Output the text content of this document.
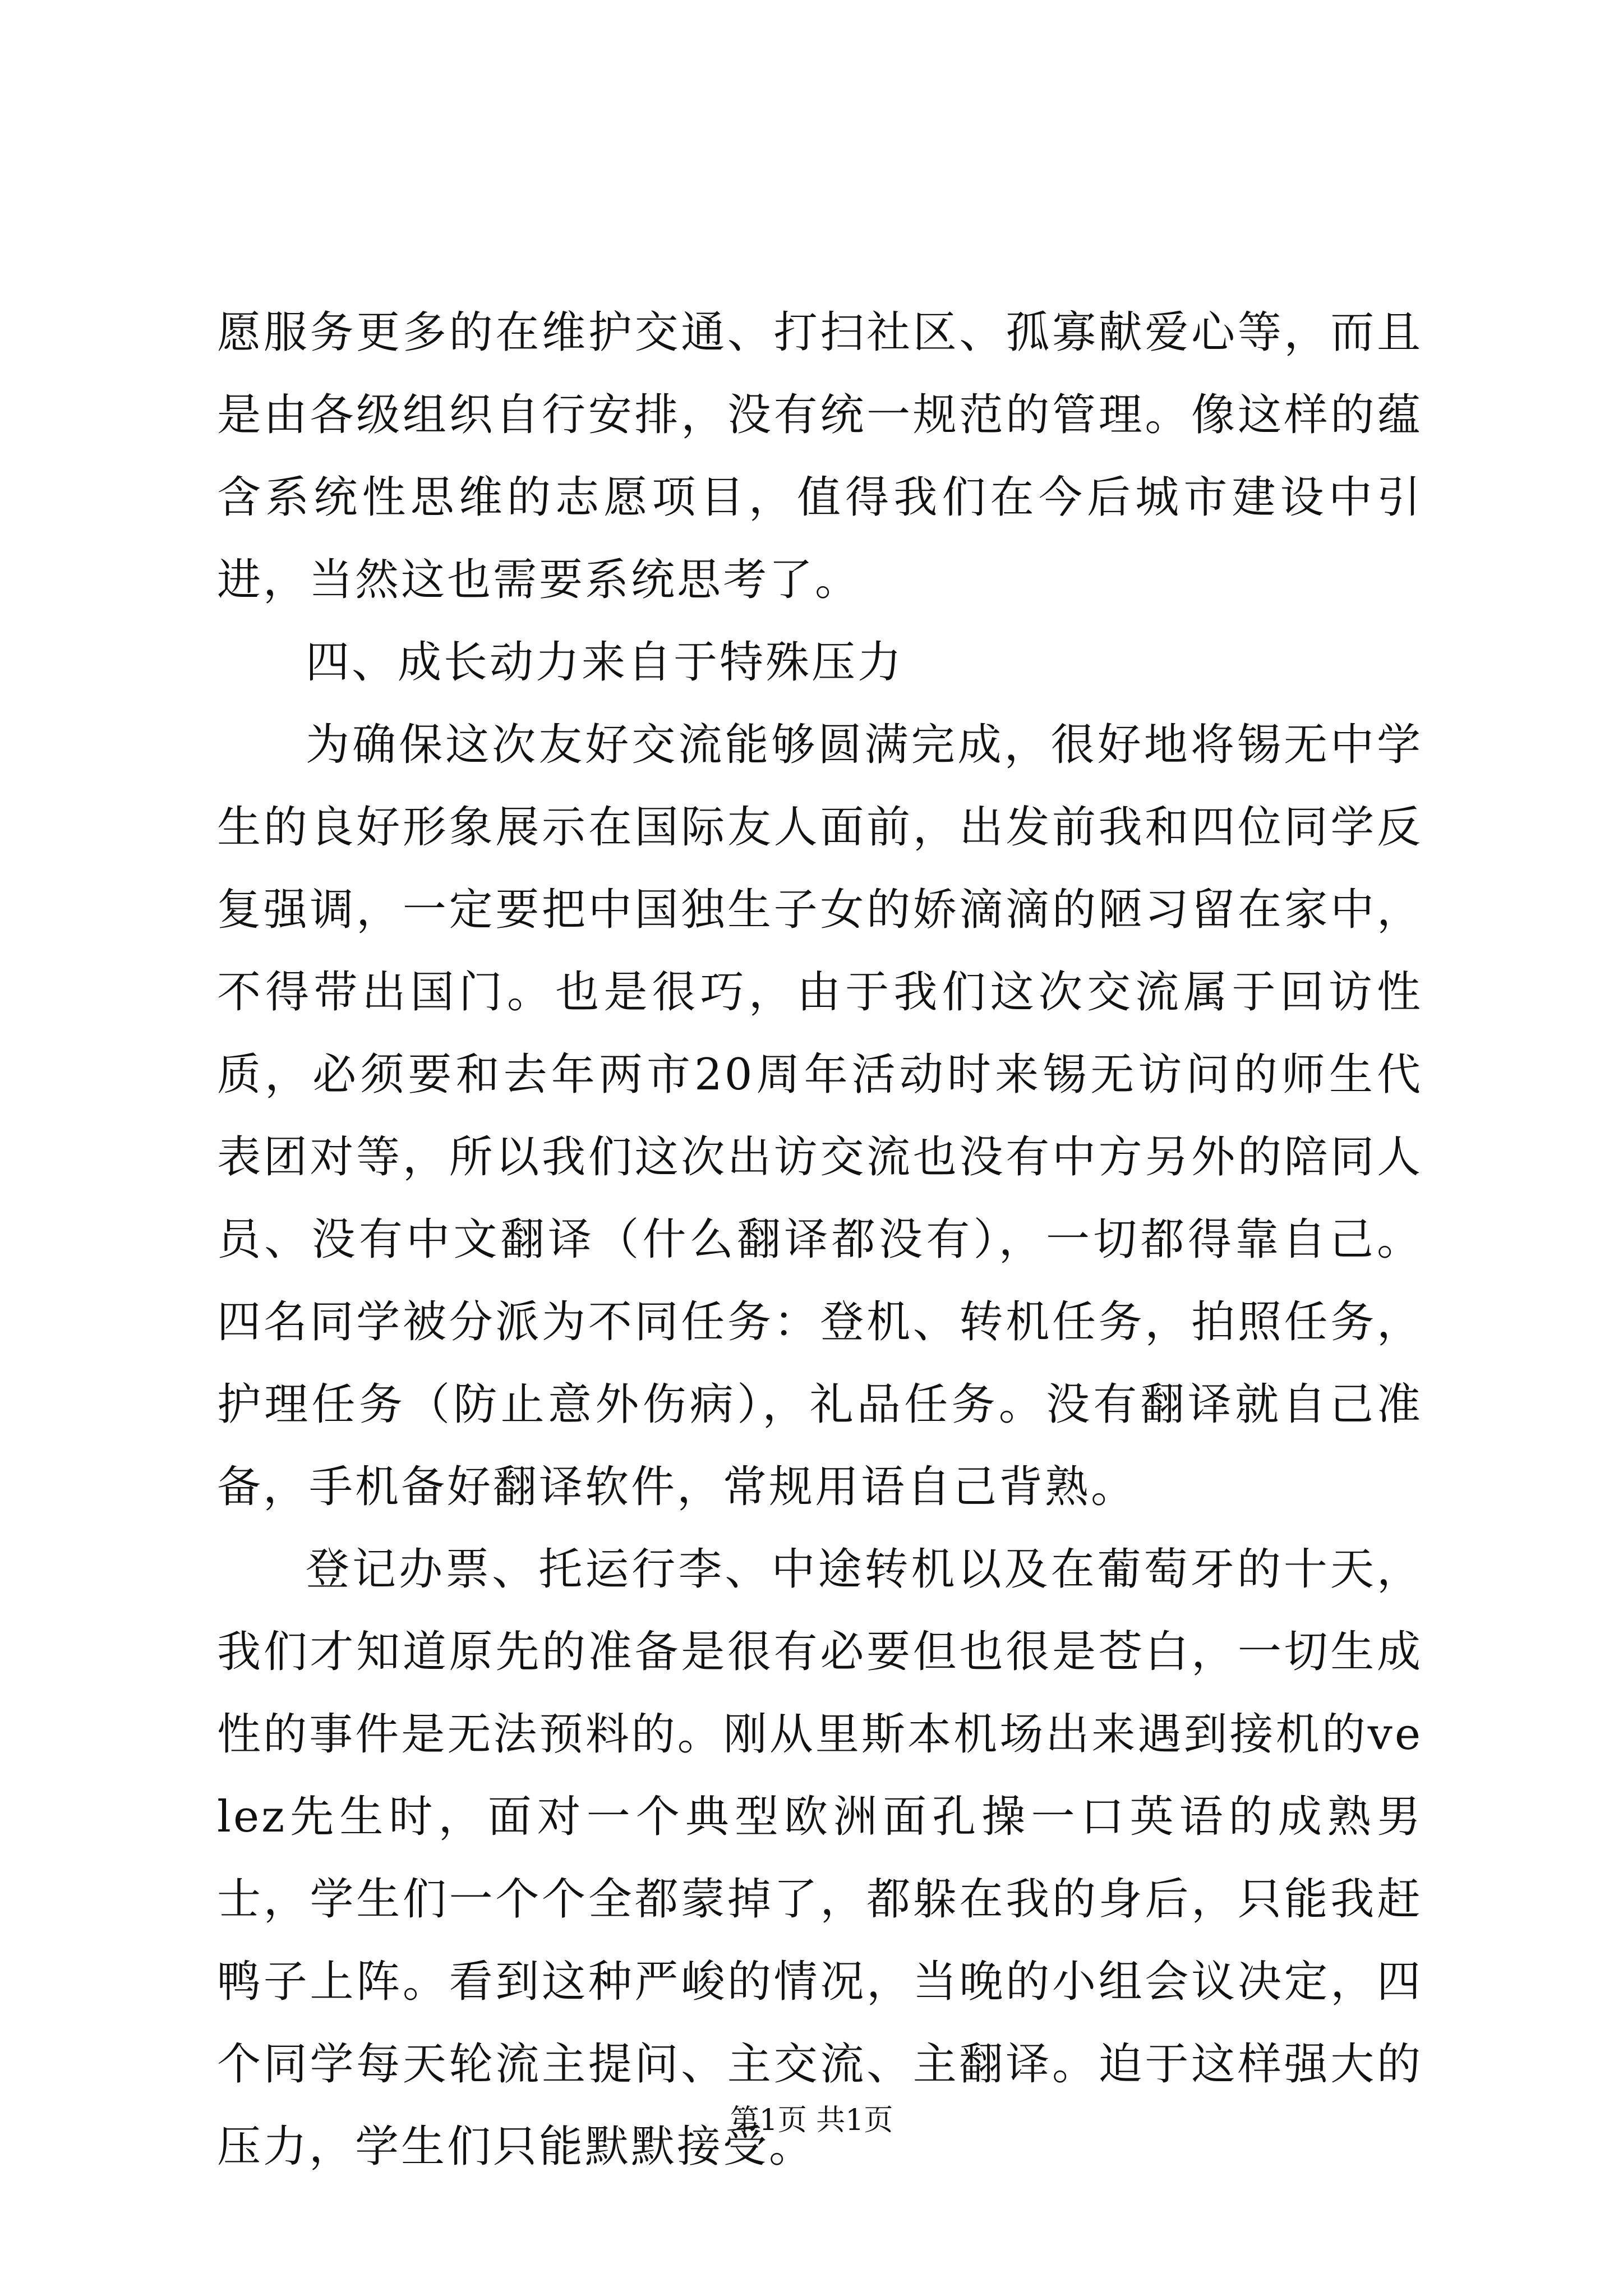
愿服务更多的在维护交通、打扫社区、孤寡献爱心等，而且是由各级组织自行安排，没有统一规范的管理。像这样的蕴含系统性思维的志愿项目，值得我们在今后城市建设中引进，当然这也需要系统思考了。

四、成长动力来自于特殊压力

为确保这次友好交流能够圆满完成，很好地将锡无中学生的良好形象展示在国际友人面前，出发前我和四位同学反复强调，一定要把中国独生子女的娇滴滴的陋习留在家中，不得带出国门。也是很巧，由于我们这次交流属于回访性质，必须要和去年两市20周年活动时来锡无访问的师生代表团对等，所以我们这次出访交流也没有中方另外的陪同人员、没有中文翻译（什么翻译都没有），一切都得靠自己。四名同学被分派为不同任务：登机、转机任务，拍照任务，护理任务（防止意外伤病），礼品任务。没有翻译就自己准备，手机备好翻译软件，常规用语自己背熟。

登记办票、托运行李、中途转机以及在葡萄牙的十天，我们才知道原先的准备是很有必要但也很是苍白，一切生成性的事件是无法预料的。刚从里斯本机场出来遇到接机的velez先生时，面对一个典型欧洲面孔操一口英语的成熟男士，学生们一个个全都蒙掉了，都躲在我的身后，只能我赶鸭子上阵。看到这种严峻的情况，当晚的小组会议决定，四个同学每天轮流主提问、主交流、主翻译。迫于这样强大的压力，学生们只能默默接受。

第1页 共1页
